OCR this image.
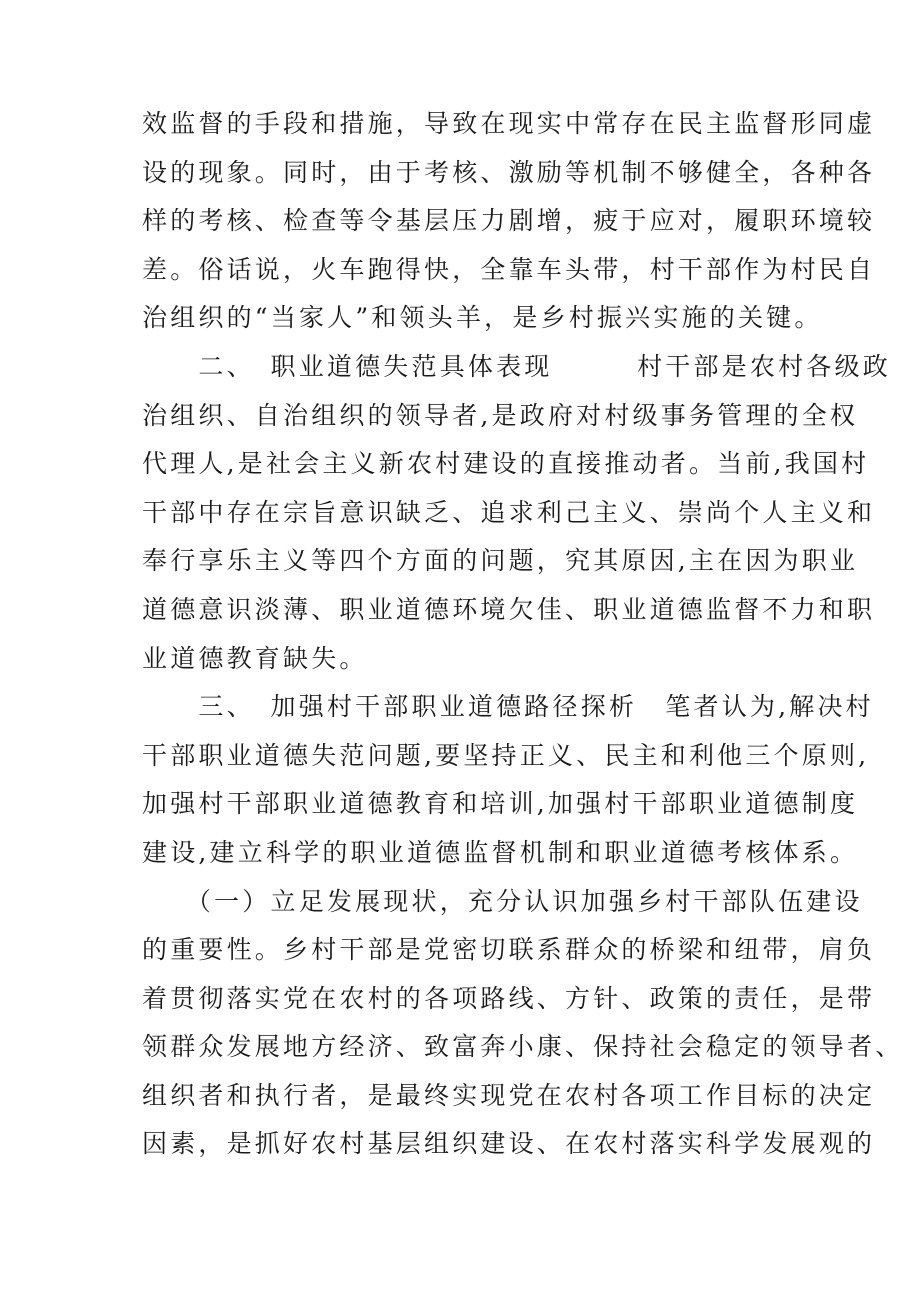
效监督的手段和措施，导致在现实中常存在民主监督形同虚
设的现象。同时，由于考核、激励等机制不够健全，各种各
样的考核、检查等令基层压力剧增，疲于应对，履职环境较
差。俗话说，火车跑得快，全靠车头带，村干部作为村民自
治组织的“当家人”和领头羊，是乡村振兴实施的关键。
　　二、　职业道德失范具体表现　　　村干部是农村各级政
治组织、自治组织的领导者,是政府对村级事务管理的全权
代理人,是社会主义新农村建设的直接推动者。当前,我国村
干部中存在宗旨意识缺乏、追求利己主义、崇尚个人主义和
奉行享乐主义等四个方面的问题，究其原因,主在因为职业
道德意识淡薄、职业道德环境欠佳、职业道德监督不力和职
业道德教育缺失。
　　三、　加强村干部职业道德路径探析　笔者认为,解决村
干部职业道德失范问题,要坚持正义、民主和利他三个原则,
加强村干部职业道德教育和培训,加强村干部职业道德制度
建设,建立科学的职业道德监督机制和职业道德考核体系。
　　（一）立足发展现状，充分认识加强乡村干部队伍建设
的重要性。乡村干部是党密切联系群众的桥梁和纽带，肩负
着贯彻落实党在农村的各项路线、方针、政策的责任，是带
领群众发展地方经济、致富奔小康、保持社会稳定的领导者、
组织者和执行者，是最终实现党在农村各项工作目标的决定
因素，是抓好农村基层组织建设、在农村落实科学发展观的
